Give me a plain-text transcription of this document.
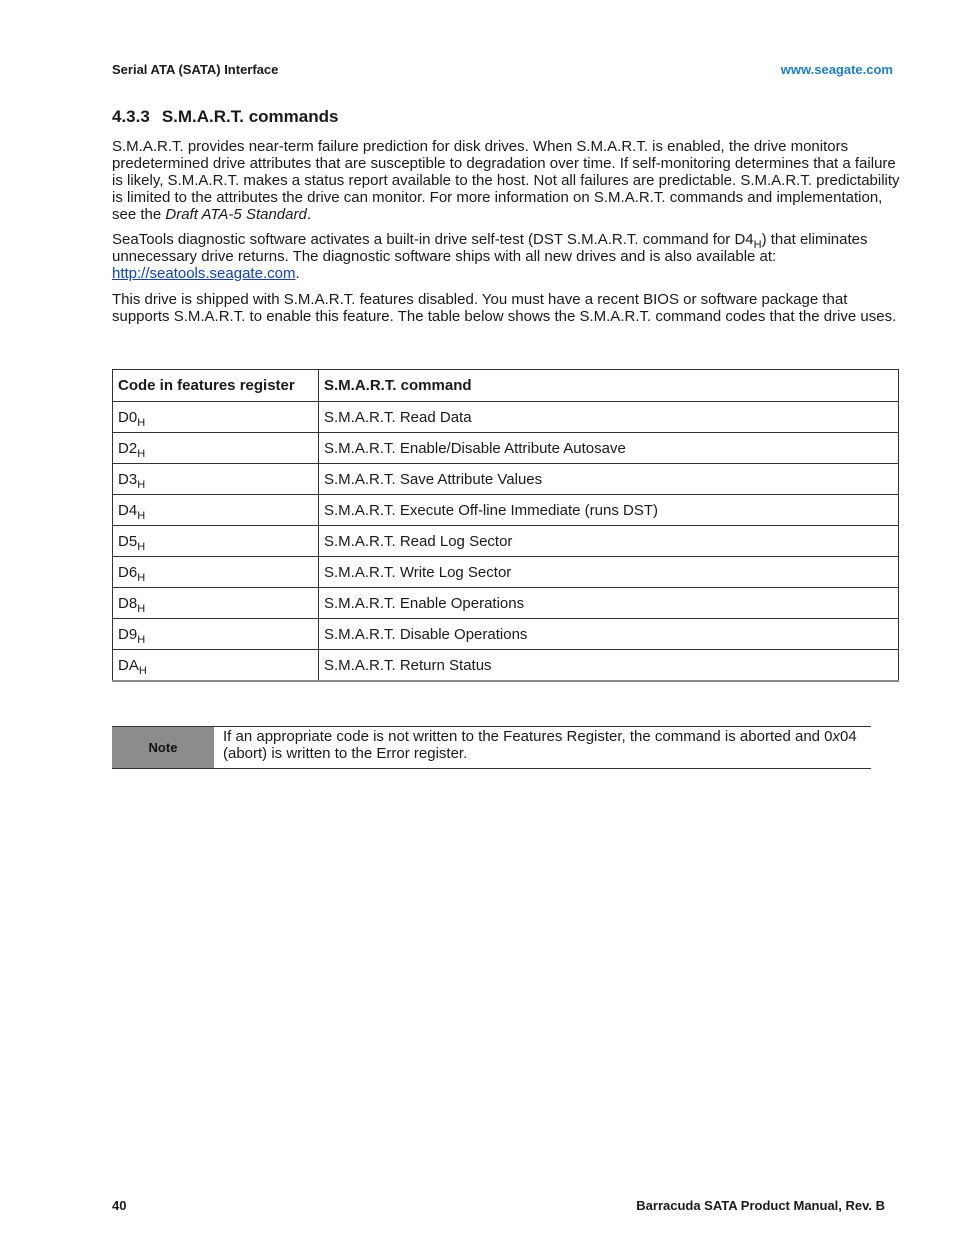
Serial ATA (SATA) Interface	www.seagate.com
4.3.3 S.M.A.R.T. commands

S.M.A.R.T. provides near-term failure prediction for disk drives. When S.M.A.R.T. is enabled, the drive monitors predetermined drive attributes that are susceptible to degradation over time. If self-monitoring determines that a failure is likely, S.M.A.R.T. makes a status report available to the host. Not all failures are predictable. S.M.A.R.T. predictability is limited to the attributes the drive can monitor. For more information on S.M.A.R.T. commands and implementation, see the Draft ATA-5 Standard.

SeaTools diagnostic software activates a built-in drive self-test (DST S.M.A.R.T. command for $D4_H$) that eliminates unnecessary drive returns. The diagnostic software ships with all new drives and is also available at: http://seatools.seagate.com.

This drive is shipped with S.M.A.R.T. features disabled. You must have a recent BIOS or software package that supports S.M.A.R.T. to enable this feature. The table below shows the S.M.A.R.T. command codes that the drive uses.

Code in features register	S.M.A.R.T. command
$D0_H$	S.M.A.R.T. Read Data
$D2_H$	S.M.A.R.T. Enable/Disable Attribute Autosave
$D3_H$	S.M.A.R.T. Save Attribute Values
$D4_H$	S.M.A.R.T. Execute Off-line Immediate (runs DST)
$D5_H$	S.M.A.R.T. Read Log Sector
$D6_H$	S.M.A.R.T. Write Log Sector
$D8_H$	S.M.A.R.T. Enable Operations
$D9_H$	S.M.A.R.T. Disable Operations
$DA_H$	S.M.A.R.T. Return Status
Note
If an appropriate code is not written to the Features Register, the command is aborted and 0x04 (abort) is written to the Error register.
40	Barracuda SATA Product Manual, Rev. B
